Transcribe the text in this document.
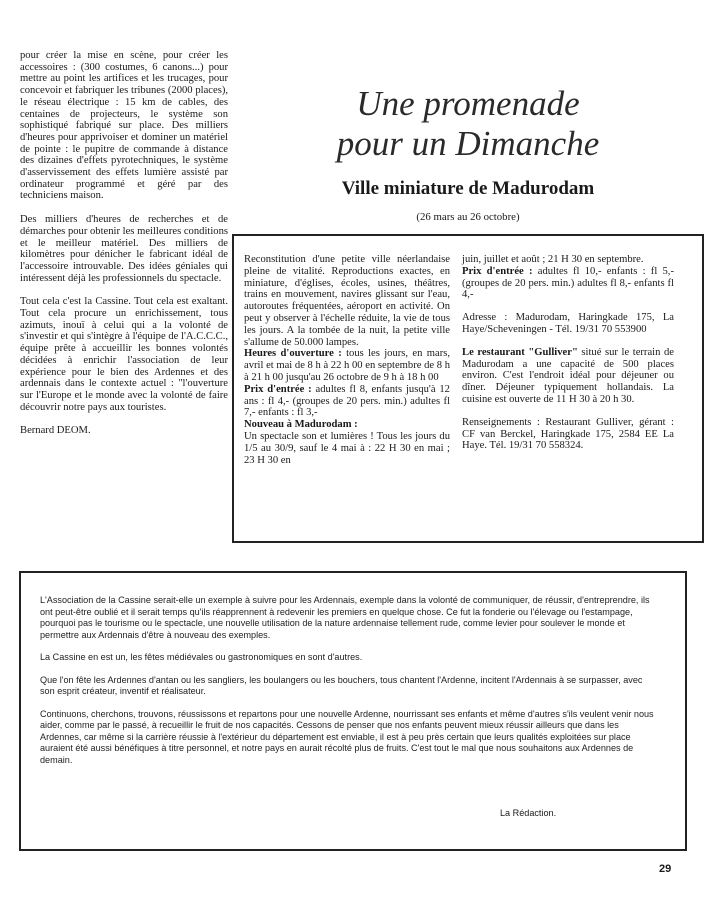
pour créer la mise en scène, pour créer les accessoires : (300 costumes, 6 canons...) pour mettre au point les artifices et les trucages, pour concevoir et fabriquer les tribunes (2000 places), le réseau électrique : 15 km de cables, des centaines de projecteurs, le système son sophistiqué fabriqué sur place. Des milliers d'heures pour apprivoiser et dominer un matériel de pointe : le pupitre de commande à distance des dizaines d'effets pyrotechniques, le système d'asservissement des effets lumière assisté par ordinateur programmé et géré par des techniciens maison.

Des milliers d'heures de recherches et de démarches pour obtenir les meilleures conditions et le meilleur matériel. Des milliers de kilomètres pour dénicher le fabricant idéal de l'accessoire introuvable. Des idées géniales qui intéressent déjà les professionnels du spectacle.

Tout cela c'est la Cassine. Tout cela est exaltant. Tout cela procure un enrichissement, tous azimuts, inouï à celui qui a la volonté de s'investir et qui s'intègre à l'équipe de l'A.C.C.C., équipe prête à accueillir les bonnes volontés décidées à enrichir l'association de leur expérience pour le bien des Ardennes et des ardennais dans le contexte actuel : "l'ouverture sur l'Europe et le monde avec la volonté de faire découvrir notre pays aux touristes.

Bernard DEOM.

Une promenade
pour un Dimanche
Ville miniature de Madurodam
(26 mars au 26 octobre)

Reconstitution d'une petite ville néerlandaise pleine de vitalité. Reproductions exactes, en miniature, d'églises, écoles, usines, théâtres, trains en mouvement, navires glissant sur l'eau, autoroutes fréquentées, aéroport en activité. On peut y observer à l'échelle réduite, la vie de tous les jours. A la tombée de la nuit, la petite ville s'allume de 50.000 lampes.

Heures d'ouverture : tous les jours, en mars, avril et mai de 8 h à 22 h 00 en septembre de 8 h à 21 h 00 jusqu'au 26 octobre de 9 h à 18 h 00

Prix d'entrée : adultes fl 8, enfants jusqu'à 12 ans : fl 4,- (groupes de 20 pers. min.) adultes fl 7,- enfants : fl 3,-

Nouveau à Madurodam :

Un spectacle son et lumières ! Tous les jours du 1/5 au 30/9, sauf le 4 mai à : 22 H 30 en mai ; 23 H 30 en

juin, juillet et août ; 21 H 30 en septembre.

Prix d'entrée : adultes fl 10,- enfants : fl 5,- (groupes de 20 pers. min.) adultes fl 8,- enfants fl 4,-

Adresse : Madurodam, Haringkade 175, La Haye/Scheveningen - Tél. 19/31 70 553900

Le restaurant "Gulliver" situé sur le terrain de Madurodam a une capacité de 500 places environ. C'est l'endroit idéal pour déjeuner ou dîner. Déjeuner typiquement hollandais. La cuisine est ouverte de 11 H 30 à 20 h 30.

Renseignements : Restaurant Gulliver, gérant : CF van Berckel, Haringkade 175, 2584 EE La Haye. Tél. 19/31 70 558324.

L'Association de la Cassine serait-elle un exemple à suivre pour les Ardennais, exemple dans la volonté de communiquer, de réussir, d'entreprendre, ils ont peut-être oublié et il serait temps qu'ils réapprennent à redevenir les premiers en quelque chose. Ce fut la fonderie ou l'élevage ou l'estampage, pourquoi pas le tourisme ou le spectacle, une nouvelle utilisation de la nature ardennaise tellement rude, comme levier pour soulever le monde et permettre aux Ardennais d'être à nouveau des exemples.

La Cassine en est un, les fêtes médiévales ou gastronomiques en sont d'autres.

Que l'on fête les Ardennes d'antan ou les sangliers, les boulangers ou les bouchers, tous chantent l'Ardenne, incitent l'Ardennais à se surpasser, avec son esprit créateur, inventif et réalisateur.

Continuons, cherchons, trouvons, réussissons et repartons pour une nouvelle Ardenne, nourrissant ses enfants et même d'autres s'ils veulent venir nous aider, comme par le passé, à recueillir le fruit de nos capacités. Cessons de penser que nos enfants peuvent mieux réussir ailleurs que dans les Ardennes, car même si la carrière réussie à l'extérieur du département est enviable, il est à peu près certain que leurs qualités exploitées sur place auraient été aussi bénéfiques à titre personnel, et notre pays en aurait récolté plus de fruits. C'est tout le mal que nous souhaitons aux Ardennes de demain.

La Rédaction.
29
